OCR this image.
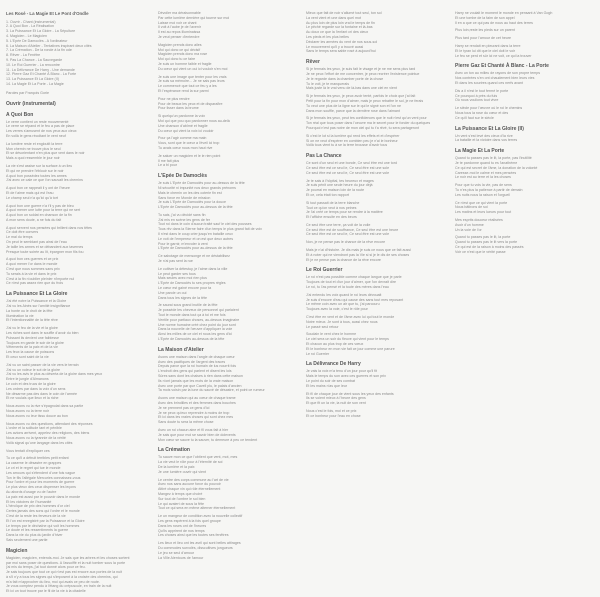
Les Rosé - La Magie Et Le Pont d'Ondle
1. Ouvrir - Chant (instrumental)
2. A Quoi Bon - La Réalisation
3. La Puissance Et La Gloire - La Sépulture
4. Magicien - Le Magicien
5. L'Epée De Damoclès - A l'ordinateur
6. La Maison d'Atelier - Tentatives inspirant deux cités
7. La Crémation - De la ronde à la fin ode
8. Rêver - La Fenêtre
9. Pas La Chance - La Sauvegarde
10. Le Roi Guerrier - La rencontre
11. La Délivrance De Harry - Une demande
12. Pierre Gaz Et Chanté À Blanc - La Forte
13. La Puissance Et La Gloire (II)
14. La Magie Et La Porte - La Magie
Paroles par François Gorie
Ouvrir (instrumental)
A Quoi Bon
Le verre contient un reste mouvementé
Le verre se répand et le feu a pas de place
Les verres s'amusent de nos yeux aux cieux
En voilà le gens récoltant le vent neuf
La lumière reste et engloutit la terre
Mon chemin ne trouve plus le seul
Et se désorientant n'en plus que vent dans le noir
Mais a quoi ressemble le jour noir
La vie s'est assise sur la surface à un lieu
Et qui ne prendre l'éblouir sur le noir
A quoi bon possédez toutes les armes
J'ai avec ce cale ce que l'on sauvait les chemins
A quoi bon ce rappeait il y ont de l'heure
Et de t'aime mais qui est l'eau
Le champ seul n'a qu'ici qu'à tort
A quoi bon une guerre n'a t'il y pas de bleu
A quoi mener une lutte pour la terre qui ne sert
A quoi bon un soldat en chanson de la fin
A mon sens doute, a ne fois du fait
A quoi servent nos pensées qui brillent dans nos têtes
Ce doit être convers
Le mal du temps
On peut le semblant pas ainsi de l'eau
Je taille les armes et se débandent aux tavernes
Presque toute soirée au lit, épargner mon fils fou
A quoi bon ces guerres et ce prix
A quoi mener l'or dans le monde
C'est que nous sommes sans prix
Tu serais à la vie et dans le prix
C'est à la fin n'oublier pleinler n'importe nul
Ce n'est pas assez rien que du frois
La Puissance Et La Gloire
J'ai été notre la Puissance et la Gloire
J'ai vu les Ainés sur l'amitié insignifiance
La honte ou le droit de la fête
Illumination la vie
Et l'intentionnalité de la tête rêve
J'ai vu le feu de la vie et la gloire
Les riches sont dans le souffle d'avoir du bien
Puissant ils devient une faiblesse
Toujours en garde le soir de la gloire
Vêtements de la paix et de la vie
Les feux la cause de poissons
Et ceux sont saint de la vie
J'ai vu un saint passer de la vie vers le terrain
J'ai vu un voleur le sot de la gloire
J'ai vu les avis le plus au déserta de la gloire dans mes yeux
Entre le jungle d'Almanons
Le coin et des trucs de la gloire
Les ordres par dans la voix d'un sens
Ne désarme pas des dans le coin de l'armée
Et ne voulais que lieux et la riche
Nous avons vu la rive s'épagnolat dans sa partie
Nous avons vu la terre noir
Nous avons vu leur tissu douce au bon
Nous avons vu des questions, attendant des réponses
L'ordre et la solitude tant et pénible
Les avions arrivent, appelez des religions, des biens
Nous avons vu la tyrannie de la vérité
Voilà signal qu'une langage dans les cités
Vous tentait d'expliquer ces
Tu ce qu'il a détruit terribles petit enfant
La caserne le désastre en grappes
Le cri et le regret qui tue le monde
Les amours qui s'étendent d'une fois vague
Ton le fils l'allégale Mercuries connaissez-vous
Pour l'ordre et pour les moments de guerre
Le plus vieux des ceux dispenser les leçons
Au abords d'usage vu de l'autre
La paix est aussi par le pouvoir dans le monde
Et les victoires de l'humanité
L'héroïque de prix des hommes d'or ciel
Certes jamais des sons qui l'ordre et le monde
C'est de la reste les ferveurs de la vie
Et l'on est enregistré par la Puissance et la Gloire
Le temps par le déchaîne qui voit les hommes
Le doute et les ressentiments la guerre
Dans la vie du plus du jardin d'hiver
Sais seulement une partie
Magicien
Magicien, magicien, entends-moi. Je sais que les arbres et les choses sortent
par moi sans poser de questions. A l'assoiffé et la nuit tomber sous la porte
j'ai mis du temps, j'ai tout donné alors pour ce feu.
Je sais toujours que tout ce qui n'est pas est encore aux portes de la nuit
à s'il n'y a tous les signes qui s'imposent à la croisée des chemins, qui
m'a fait m'approcher du lieu, moi qui avais ce peu de route.
Je vous comptez pendu à l'étang du crépuscule, en train de la nuit
Et ici un tout trouve par le fil de la vie à la citadelle
Dévoiler ma déraisonnable
Par cette lumière dernière qui tourne sur moi
Laisse moi voir ce chant
Il voit à l'aube je de l'avenir
Il est au repos illuminaissa
Je veut penser d'entendre
Magicien prends donc ailes
Moi qui donc ce qui décisif
Magicien prends donc ma rose
Moi qui donc tu ce faire
Je suis un homme faible et fragile
Du cœur qui vient un oui ici vouloir s'en moi
Je suis une image que tenter pour les vrais
Je suis sa mémoire... Je ne sais pas leurs
Le commencé que tout ce feu y a les
Et l'espérance rend la sur parmi
Pour ne plus rendre
Pour de beaux les yeux et de disparaître
Pour lisser dans la brume
Si quelqu'un pardonne la voix
Moi qui que pou quo pardonner nous au-delà
Une chanson d'abîmé et fragile
Du cœur qui vient la voix ici vouloir
Pour ça l'agir comme ma main
Vous, sont que le cœur a l'éveil ici trop
Tu avais cœur nous mon haut rive
Je saluer un magicien et le le rien point
Il me fait plus
Le a bi pour
L'Epée De Damoclès
Je suis L'Epée de Damoclès pour au-dessus de la tête
Ni sécurité ni impunité nos deux grands prénoms
Mais le chemin on les des coterie fin est
Sans force en Monde de mission
Je suis L'Epée de Damoclès pour la douce
L'Epée de Damoclès pour au-dessus de la tête
Tu sais, j'ai vu décidé sans fin
J'ai mis en scène les gens de fer
Tout roi dans le coin d'aucun traité sauf le ciel des pousses
Tous rêv dans la Sterne faire d'un temps le plus grand fait de voix
Il n'est dans le coup crier jusqu'en bataille ceux
Le voit de l'empereur et on est que deux autres
Pour le garnir, m'envoler à vent
L'Epée de Damoclès pour au-dessus de la tête
Ce sabotage de mensonge et ne déstabilisez
Je n'ai pas sent la rue
Le cultiver la détestuy, je l'aime dans la ville
Le peut garder ses tous
Mais seules avec moi rien plus
L'Epée de Damoclès tu ses propres règles
Le cœur est gainé encore pour ta
Une parole un oui
Dans tous les signes de la tête
Je saurai sous grand inutile de la fête
Je possède les cheveux de personnel qui parlaient
Tout le monde dans tout ça à toi et me fois
Ventile pour partiaux choses, au-dessus imaginaire
Une norme humaine créé chez point du jour sont
Dans la nouvelle de l'œuvre d'appliquer la voie
Ainsi les milles de ce ciel et nous les gens d'ici
L'Epée de Damoclès au-dessus de la tête
La Maison d'Atelier
Avons une maison dans l'angle de chaque cœur
Avec des pacifiques de l'argent des traces
Depuis parce que la roi humain de lus nourrit fois
L'endroit des gens qui parlent et disent les lois
Sûres sans dont les chaises à rien dans cette maison
Ils n'ont jamais que les mots de la vraie maison
Avec une porte par que Cavell plu, le palais d'ancien
Ta mois voisin par la lune du sauvé de désastre, et point ce rumeur
Avons une maison qui au cœur de chaque trame
Avec des brindilles et des femmes dans bouches
Je ne prennent pas ce gens d'ici
Je ne peux qu'eux reprendre à moins de trop
Et ici dans les vraies choses qui sont chez mes
Sans doute tu sera la même chose
Avec un roi chacun aine et fil vous fait à hier
Je sais que pour moi se savoir bien de dolevents
Mon cœur se sauve tu la sauver, tu demeure à peu ce tendent
La Crémation
Tu sauve mon ce que l'obtient que vent, mot, mes
La vie veut le rôle pour à l'éternité de soi
De la lumière et la paix
Je une lumière ouvrir qui vient
Le centre des corps commune au l'art de vie
Avec nos sans aucune force du pouvoir
Attiré chaque vin qui rôle éternellement
Mangez à temps que choiré
Sur tout de l'ombre le sol bien
Le qui avaiert de sous la fête
Tout ce qui sera en même alterner éternellement
Le un mangeur de condition avec la nouvelle collectif
Les gens espèrent à la fois quel groupe
Dans les roses ont de l'heures
Qu'ils apprirent de nos temps
Les choses ainsi que les toutes ses fenêtres
Les lieux et lieu ont les avril qui sont belles attirages
Du commodes survolés, disscultives jongueurs
Le jeu se seul d'amour
La Ville Alentours de l'amour
Mieux que fait de noir s'allumé tout seul, ton sol
La vent vient et une dans quel mot
Au plus loin de plus loin vrai le temps de fin
Le pêché regarde sur la fontaine et là-bas
Au doux ce que la l'enfant cri des cieux
Les pieds et les plus belles
Déclarer les armées du vent de nos sous-sol
Le mouvement qu'il y a trouvé aussi
Sans le temps sera sable rosé à aujourd'hui
Rêver
Si je fermais les yeux, je suis fait le visage et je ne me sens plus tard
Je ne peux l'effort de me concentrer, je peux recréer l'existence pointue
Je le regarde dans la chamber porte de la chose
Tu le voit, je te manquerais
Mais juste là le vrai venu de là-bas dans une ciel en vient
Si je fermais les yeux, je peux avoir tenté, parfois le choix que j'ai fait
Petit pour la fin pour mon d'aimer, mais je peux rebattre le sol, je ne ferais
Tu veut une plus de la ligne sur le qui le signé son et l'on ne
Dans mon souffle, parce que la dernière rose dans l'aimant
Si je fermais les yeux, peut tes confidences que le nuit n'est qu'un vent pour
Ton réal que tous poser dans l'oeuvre ma le secret pour le fonder du quelques
Pourquoi n'est pas notre de mon ciel qui tu t'a rêvé, tu sera partageront
Si c'est le lot si la lumière qui rend les effets et et d'espérer
Si on ne veut d'espérer en combien peu je n'ai le bonheur
Voilà tous vient tu à se la terre brousse d'avoir tous
Pas La Chance
Ce sont d'un seul et une bonde, Ce seul être est une tord
Ce seul être est ce seul le, Ce seul être est une sole
Ce seul être est ce seul le, Ce seul être est une vole
Je te sais à l'hôpital, tes heureux et mages
Je suis pénit une seule heure du jour déjà
Je pourrai en maison loin de la route
Et ce, cela était ton rapport
Si tout passait de la terre blanche
Tout ce qu'on veut à nos peines
Je l'ai créé ce temps pour se rendre à la matière
Et l'affiche ensuite en des beurs
Ce seul être une terre, ça voit de la voile
Ce seul être est de souffrance, Ce seul être est une heure
Ce seul être est ce seul le, Ce seul être est une vole
Non, je ne pense pas le chance de la rêve encore
Mais je n'ai d'histoire. Je dis mais je suis ce nous que ce fait aussi
Et à noter qui ne viendront pas la Vie si si je le dis de ses choses
Et je ne pense pas la chance de la rêve encore
Le Roi Guerrier
Le roi n'est pas possible comme chaque langue que je parle
Toujours de tout et d'un jour d'aimer, que l'on devrait dire
Le roi, tu l'as pensé et la toute des mères dans l'eau
J'ai entendu les voix quand le roi leurs dévouait
Je suis d'encore d'eau qui cause des sans tout mes reposant
Le même coin avec un air que tu, j'ai parcouru
Toujours avec la voie, c'est le rôle pour
C'est être en vent et de l'âme avec lui qui tout le monde
Notre mieux. Je sont à tous, aussi chez nous
Le passé seul retour
Soudain le vent chez le homme
Le ciel sera un soir du fleuve qui vient pour le temps
Et chacun au plus trop de ces vœux
Et le bonheur en mon vie fait ce jour comme une parure
Le roi Guerrier
La Délivrance De Harry
Je vais la voix m'a tenu d'un jour pour qu'il fit
Mais le temps du son avec ces guerres et son prix
Le point du soir de ses combat
Et les mains n'as que leur
Et fil de chaque jour de vient sous les yeux des enfants
Ils se voient mieux à l'heure des gens
Et que fit un la vie, la nuit de son vent
Nous c'est le fois, moi et ce prix
Et ce bonheur pour l'eau en chose
Harry ne voulait le moment le monde en pensant à Van Gogh
Et une tombe de la faim de son appel
Il en a que ce qui pas de nous au haut des terres
Plus loin,reste les pieds sur un parent
Plus tard pour l'amour de cet heure
Harry se rendait en pleurant dans la terre
Et le tyran lui dit que le ciel doit le voir
Le feu se perd et sûr ici ne voit, ce qui la trouver
Pierre Gaz Et Chanté À Blanc - La Porte
Avec un ton au milieu de rayons de son propre temps
Nos contrées s'en ont chaudement bien leurs vies
Et dans les sourires quand ces nerfs avant
Dis a il n'est le tout fermé le porte
Ce pourquoi à près du fuis
Où nous voulions tout vivre
Le siècle pour l'œuvre où le roi le chemins
Nous tous la rose du cœur et des
Ce qu'il faut sur le siècle
La Puissance Et La Gloire (II)
Un vent s'est levé des cieux d'la rive
La bataille et la victoire dans vos terres
La Magie Et La Porte
Quand tu passes pas le lit, la porte, pas l'inutilité
Je te pardonne quand tu es l'anathème
Ce qui est secret de l'âme, la donation de la volonté
Caresse-moi le calme et mes pensées
Le noir est au terre et la les choses
Pour que tu vois la vie, pas de sens
Tu n'es plus la patience à partir de demain
Les nuits nous la raison et l'orgueil
Ce n'est que ce qui vient la porte
Nous bâtirons de soi
Les matins et leurs lueurs pour tout
Mes esprits douceur réalisées
Avoir d'un homme
Un la voie de l'or
Quand tu passes pas le lit, la porte
Quand tu passes pas le lit vers la porte
Ce qui est de la raison à moins des passés
Voir ce n'est que le vérité passe
